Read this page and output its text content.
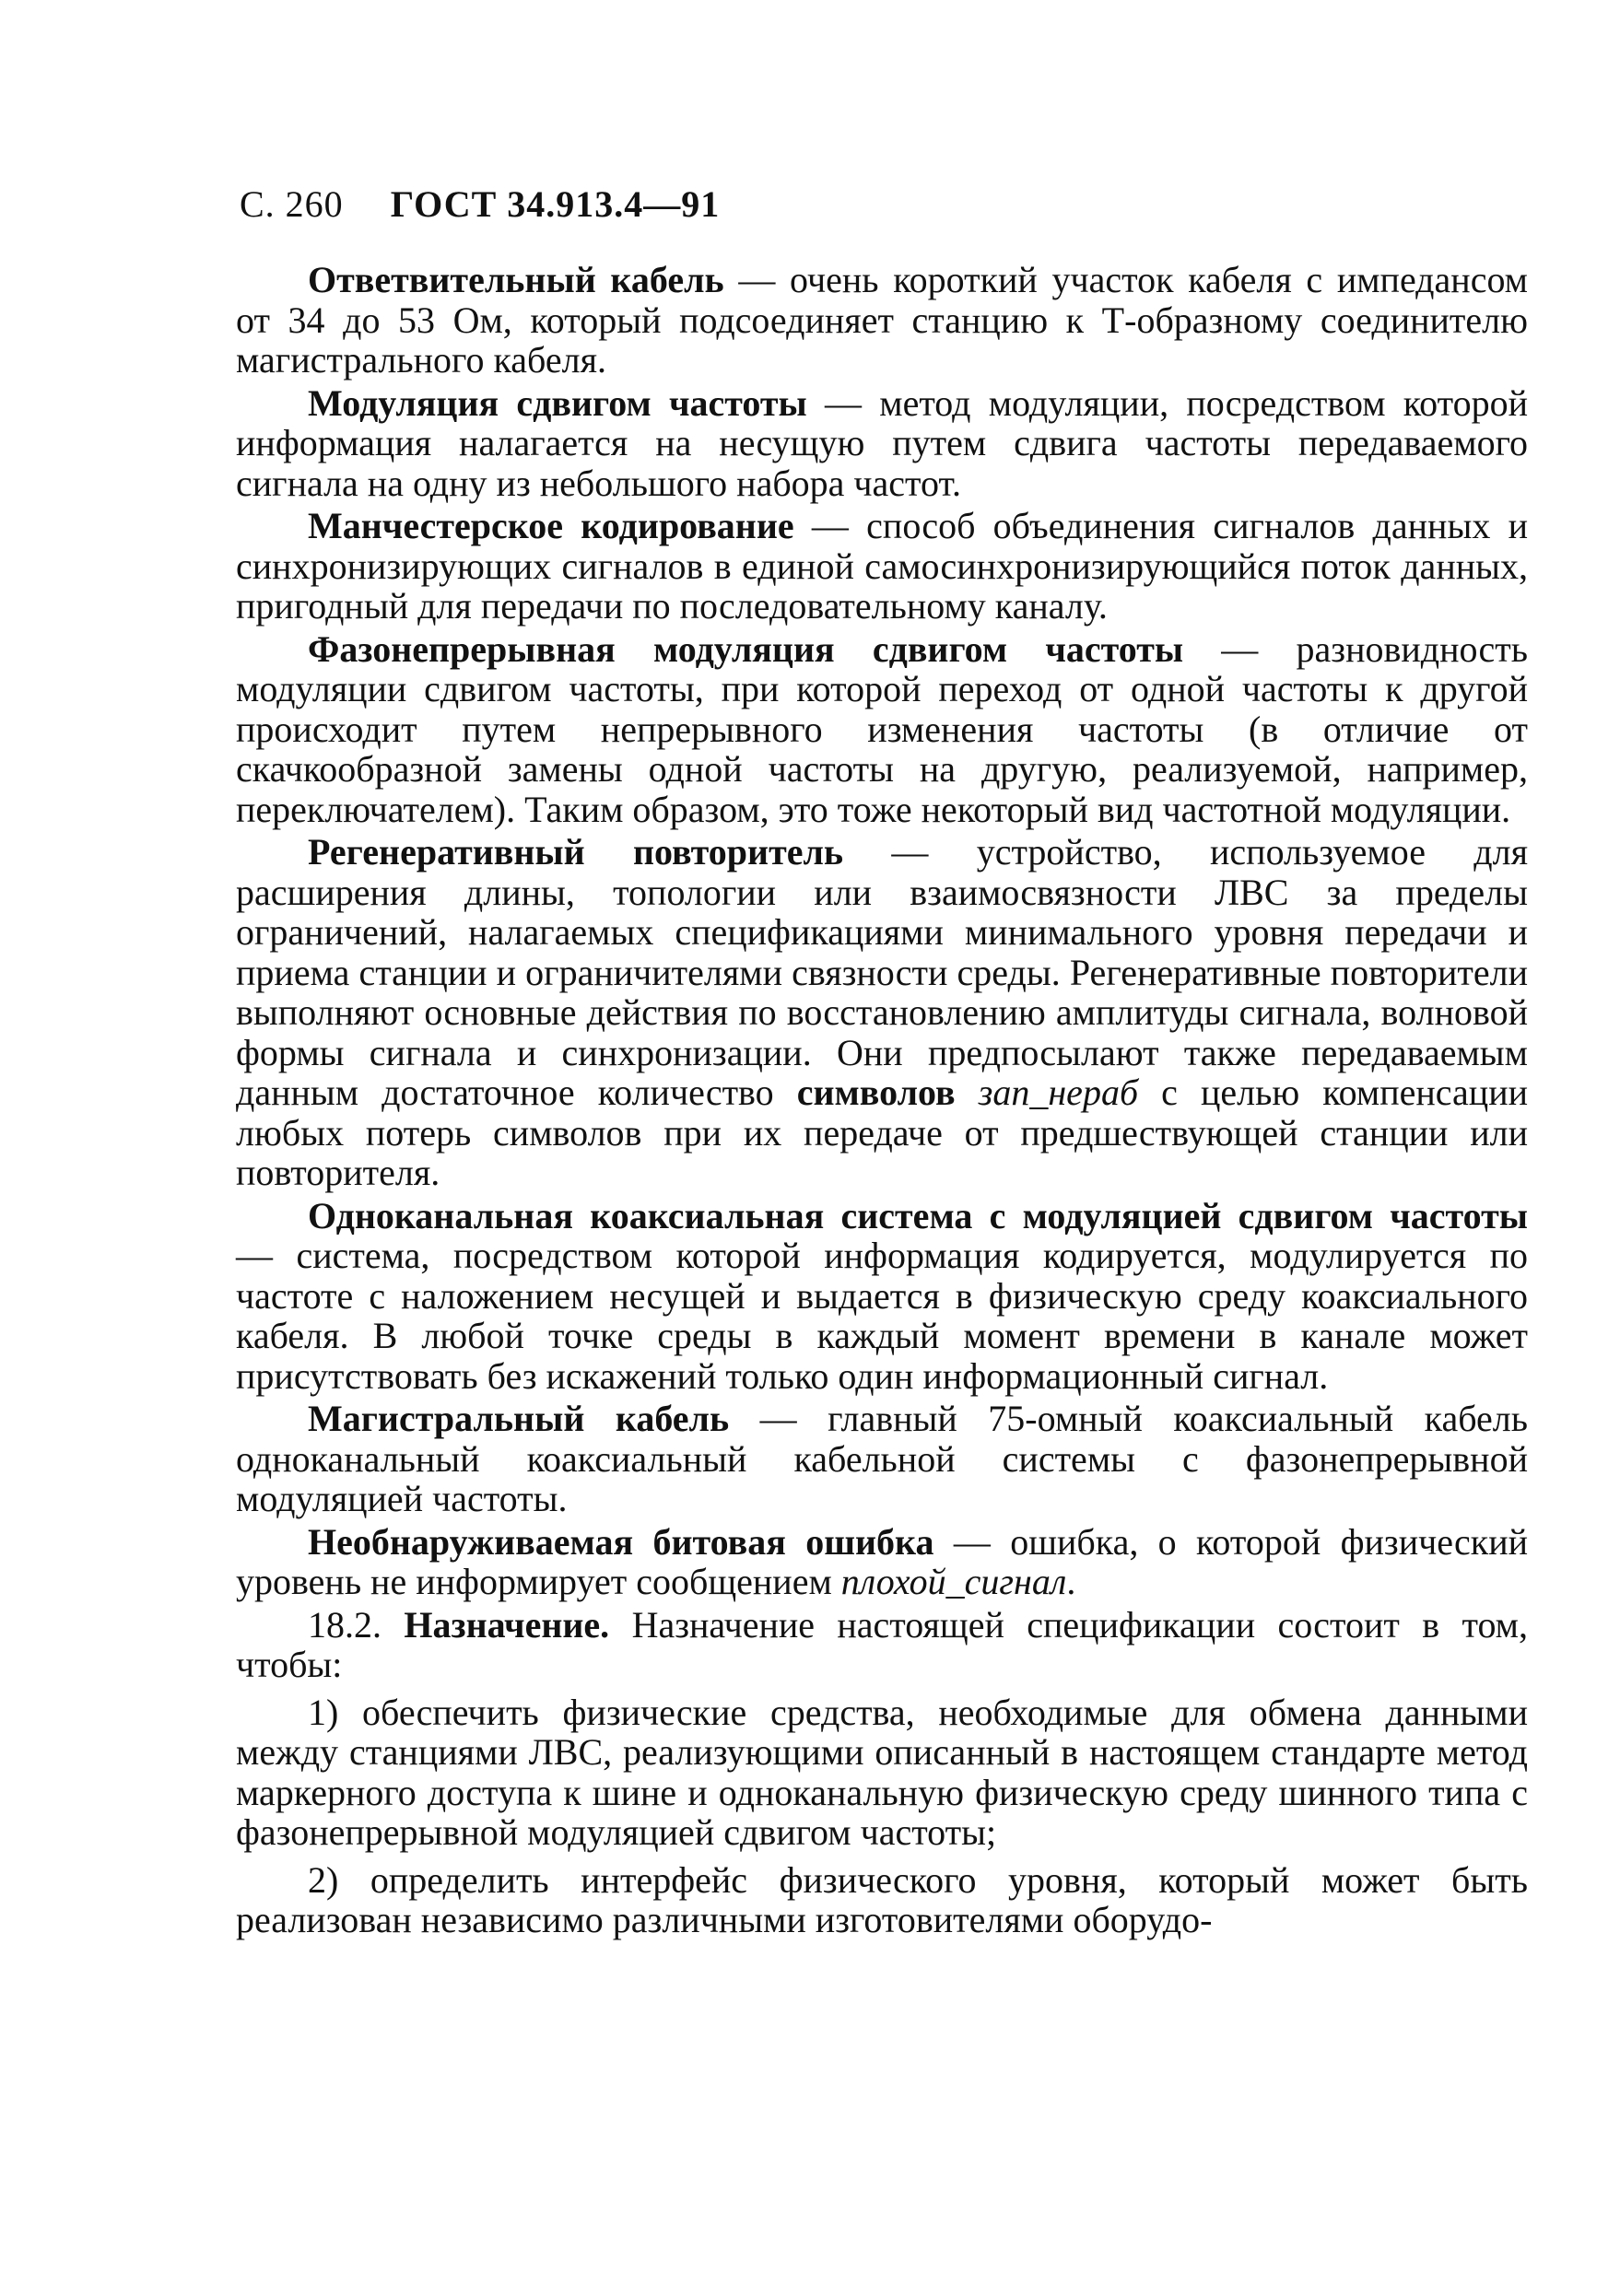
С. 260 ГОСТ 34.913.4—91

Ответвительный кабель — очень короткий участок кабеля с импедансом от 34 до 53 Ом, который подсоединяет станцию к Т-образному соединителю магистрального кабеля.

Модуляция сдвигом частоты — метод модуляции, посредством которой информация налагается на несущую путем сдвига частоты передаваемого сигнала на одну из небольшого набора частот.

Манчестерское кодирование — способ объединения сигналов данных и синхронизирующих сигналов в единой самосинхронизирующийся поток данных, пригодный для передачи по последовательному каналу.

Фазонепрерывная модуляция сдвигом частоты — разновидность модуляции сдвигом частоты, при которой переход от одной частоты к другой происходит путем непрерывного изменения частоты (в отличие от скачкообразной замены одной частоты на другую, реализуемой, например, переключателем). Таким образом, это тоже некоторый вид частотной модуляции.

Регенеративный повторитель — устройство, используемое для расширения длины, топологии или взаимосвязности ЛВС за пределы ограничений, налагаемых спецификациями минимального уровня передачи и приема станции и ограничителями связности среды. Регенеративные повторители выполняют основные действия по восстановлению амплитуды сигнала, волновой формы сигнала и синхронизации. Они предпосылают также передаваемым данным достаточное количество символов зап_нераб с целью компенсации любых потерь символов при их передаче от предшествующей станции или повторителя.

Одноканальная коаксиальная система с модуляцией сдвигом частоты — система, посредством которой информация кодируется, модулируется по частоте с наложением несущей и выдается в физическую среду коаксиального кабеля. В любой точке среды в каждый момент времени в канале может присутствовать без искажений только один информационный сигнал.

Магистральный кабель — главный 75-омный коаксиальный кабель одноканальный коаксиальный кабельной системы с фазонепрерывной модуляцией частоты.

Необнаруживаемая битовая ошибка — ошибка, о которой физический уровень не информирует сообщением плохой_сигнал.

18.2. Назначение. Назначение настоящей спецификации состоит в том, чтобы:

1) обеспечить физические средства, необходимые для обмена данными между станциями ЛВС, реализующими описанный в настоящем стандарте метод маркерного доступа к шине и одноканальную физическую среду шинного типа с фазонепрерывной модуляцией сдвигом частоты;

2) определить интерфейс физического уровня, который может быть реализован независимо различными изготовителями оборудо-
